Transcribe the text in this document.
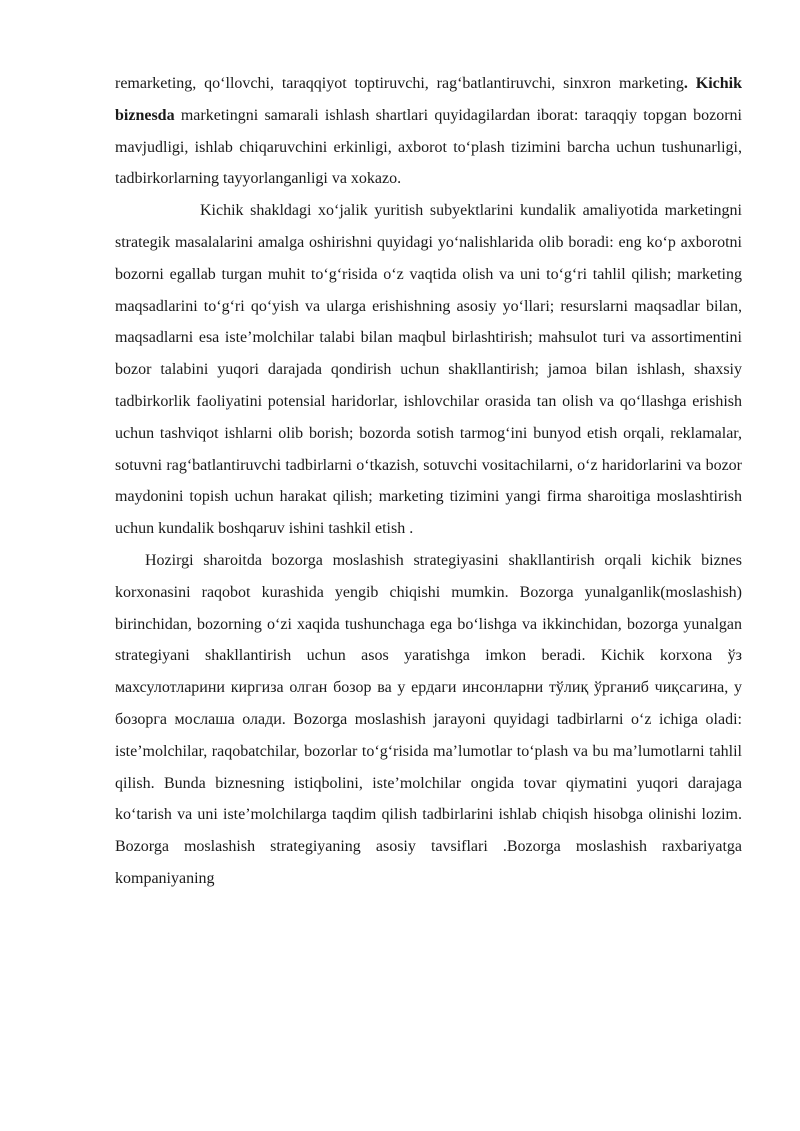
remarketing, qo‘llovchi, taraqqiyot toptiruvchi, rag‘batlantiruvchi, sinxron marketing. Kichik biznesda marketingni samarali ishlash shartlari quyidagilardan iborat: taraqqiy topgan bozorni mavjudligi, ishlab chiqaruvchini erkinligi, axborot to‘plash tizimini barcha uchun tushunarligi, tadbirkorlarning tayyorlanganligi va xokazo.

Kichik shakldagi xo‘jalik yuritish subyektlarini kundalik amaliyotida marketingni strategik masalalarini amalga oshirishni quyidagi yo‘nalishlarida olib boradi: eng ko‘p axborotni bozorni egallab turgan muhit to‘g‘risida o‘z vaqtida olish va uni to‘g‘ri tahlil qilish; marketing maqsadlarini to‘g‘ri qo‘yish va ularga erishishning asosiy yo‘llari; resurslarni maqsadlar bilan, maqsadlarni esa iste’molchilar talabi bilan maqbul birlashtirish; mahsulot turi va assortimentini bozor talabini yuqori darajada qondirish uchun shakllantirish; jamoa bilan ishlash, shaxsiy tadbirkorlik faoliyatini potensial haridorlar, ishlovchilar orasida tan olish va qo‘llashga erishish uchun tashviqot ishlarni olib borish; bozorda sotish tarmog‘ini bunyod etish orqali, reklamalar, sotuvni rag‘batlantiruvchi tadbirlarni o‘tkazish, sotuvchi vositachilarni, o‘z haridorlarini va bozor maydonini topish uchun harakat qilish; marketing tizimini yangi firma sharoitiga moslashtirish uchun kundalik boshqaruv ishini tashkil etish .

Hozirgi sharoitda bozorga moslashish strategiyasini shakllantirish orqali kichik biznes korxonasini raqobot kurashida yengib chiqishi mumkin. Bozorga yunalganlik(moslashish) birinchidan, bozorning o‘zi xaqida tushunchaga ega bo‘lishga va ikkinchidan, bozorga yunalgan strategiyani shakllantirish uchun asos yaratishga imkon beradi. Kichik korxona ўз махсулотларини киргиза олган бозор ва у ердаги инсонларни тўлиқ ўрганиб чиқсагина, у бозорга мослаша олади. Bozorga moslashish jarayoni quyidagi tadbirlarni o‘z ichiga oladi: iste’molchilar, raqobatchilar, bozorlar to‘g‘risida ma’lumotlar to‘plash va bu ma’lumotlarni tahlil qilish. Bunda biznesning istiqbolini, iste’molchilar ongida tovar qiymatini yuqori darajaga ko‘tarish va uni iste’molchilarga taqdim qilish tadbirlarini ishlab chiqish hisobga olinishi lozim. Bozorga moslashish strategiyaning asosiy tavsiflari .Bozorga moslashish raxbariyatga kompaniyaning
